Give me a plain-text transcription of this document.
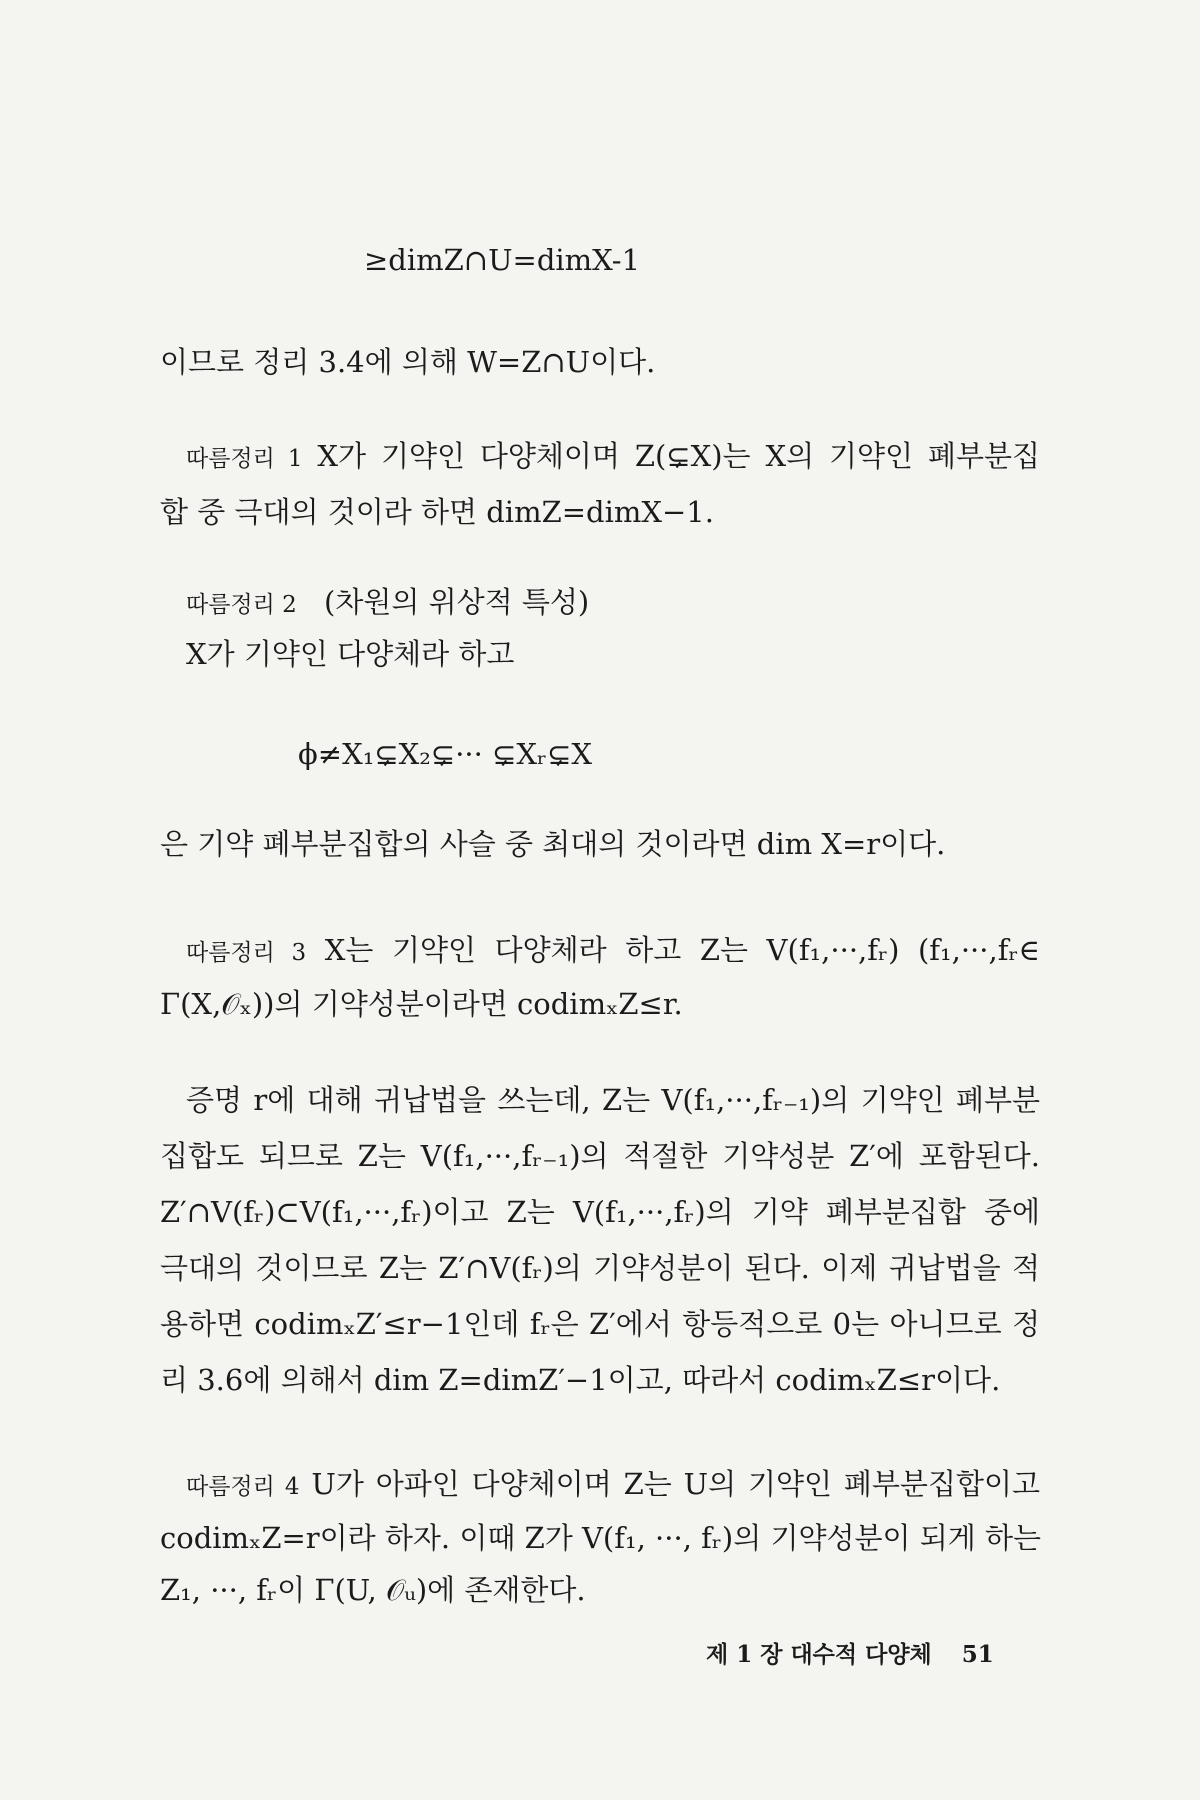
≥dimZ∩U=dimX-1
이므로 정리 3.4에 의해 W=Z∩U이다.
따름정리 1 X가 기약인 다양체이며 Z(⊊X)는 X의 기약인 폐부분집
합 중 극대의 것이라 하면 dimZ=dimX−1.
따름정리 2 (차원의 위상적 특성)
X가 기약인 다양체라 하고
ϕ≠X₁⊊X₂⊊··· ⊊Xᵣ⊊X
은 기약 폐부분집합의 사슬 중 최대의 것이라면 dim X=r이다.
따름정리 3 X는 기약인 다양체라 하고 Z는 V(f₁,···,fᵣ) (f₁,···,fᵣ∈
Γ(X,𝒪ₓ))의 기약성분이라면 codimₓZ≤r.
증명 r에 대해 귀납법을 쓰는데, Z는 V(f₁,···,fᵣ₋₁)의 기약인 폐부분
집합도 되므로 Z는 V(f₁,···,fᵣ₋₁)의 적절한 기약성분 Z′에 포함된다.
Z′∩V(fᵣ)⊂V(f₁,···,fᵣ)이고 Z는 V(f₁,···,fᵣ)의 기약 폐부분집합 중에
극대의 것이므로 Z는 Z′∩V(fᵣ)의 기약성분이 된다. 이제 귀납법을 적
용하면 codimₓZ′≤r−1인데 fᵣ은 Z′에서 항등적으로 0는 아니므로 정
리 3.6에 의해서 dim Z=dimZ′−1이고, 따라서 codimₓZ≤r이다.
따름정리 4 U가 아파인 다양체이며 Z는 U의 기약인 폐부분집합이고
codimₓZ=r이라 하자. 이때 Z가 V(f₁, ···, fᵣ)의 기약성분이 되게 하는
Z₁, ···, fᵣ이 Γ(U, 𝒪ᵤ)에 존재한다.
제 1 장 대수적 다양체 51
